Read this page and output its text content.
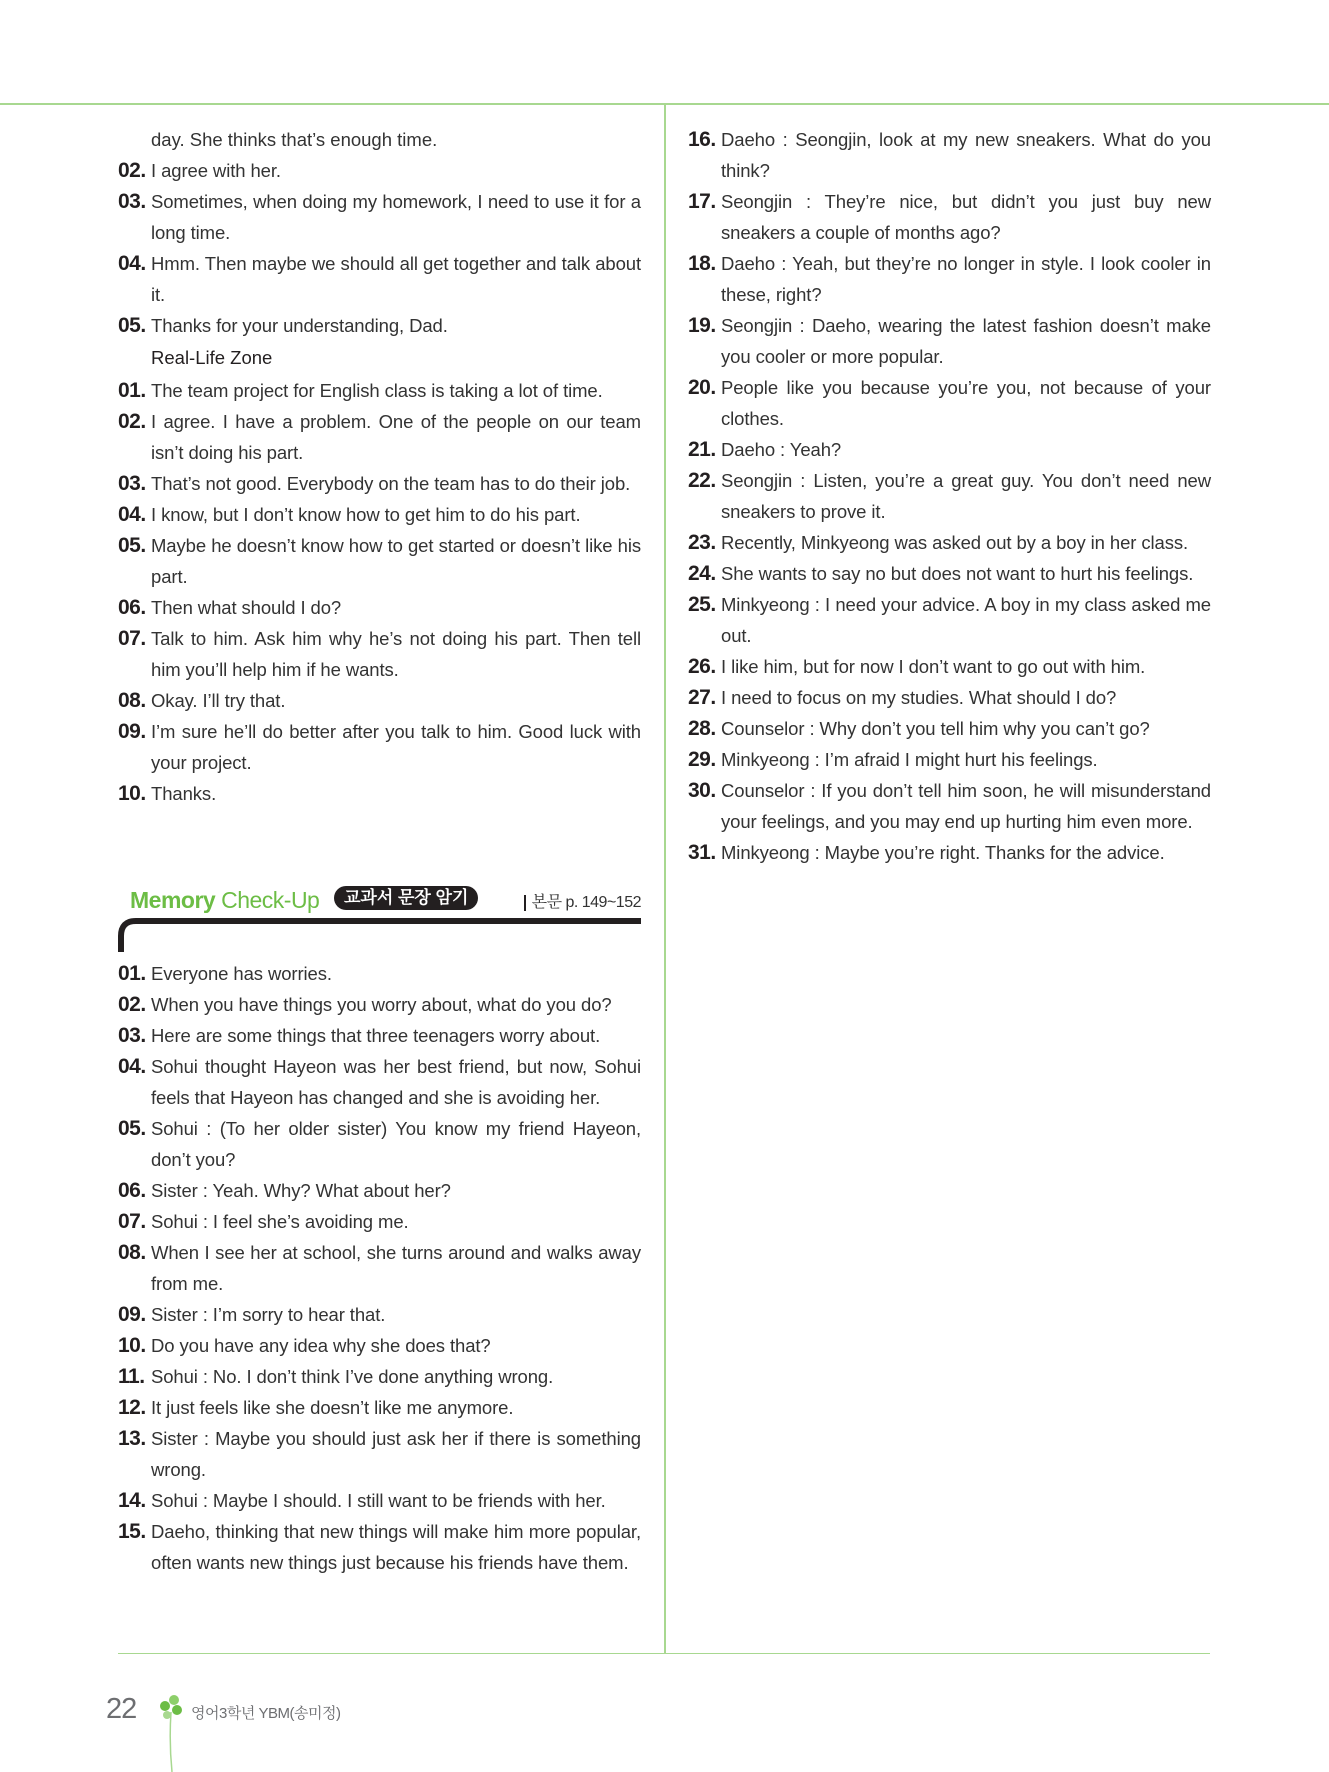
day. She thinks that’s enough time.
02. I agree with her.
03. Sometimes, when doing my homework, I need to use it for a long time.
04. Hmm. Then maybe we should all get together and talk about it.
05. Thanks for your understanding, Dad.
Real-Life Zone
01. The team project for English class is taking a lot of time.
02. I agree. I have a problem. One of the people on our team isn’t doing his part.
03. That’s not good. Everybody on the team has to do their job.
04. I know, but I don’t know how to get him to do his part.
05. Maybe he doesn’t know how to get started or doesn’t like his part.
06. Then what should I do?
07. Talk to him. Ask him why he’s not doing his part. Then tell him you’ll help him if he wants.
08. Okay. I’ll try that.
09. I’m sure he’ll do better after you talk to him. Good luck with your project.
10. Thanks.
Memory Check-Up	교과서 문장 암기	본문 p. 149~152
01. Everyone has worries.
02. When you have things you worry about, what do you do?
03. Here are some things that three teenagers worry about.
04. Sohui thought Hayeon was her best friend, but now, Sohui feels that Hayeon has changed and she is avoiding her.
05. Sohui : (To her older sister) You know my friend Hayeon, don’t you?
06. Sister : Yeah. Why? What about her?
07. Sohui : I feel she’s avoiding me.
08. When I see her at school, she turns around and walks away from me.
09. Sister : I’m sorry to hear that.
10. Do you have any idea why she does that?
11. Sohui : No. I don’t think I’ve done anything wrong.
12. It just feels like she doesn’t like me anymore.
13. Sister : Maybe you should just ask her if there is something wrong.
14. Sohui : Maybe I should. I still want to be friends with her.
15. Daeho, thinking that new things will make him more popular, often wants new things just because his friends have them.
16. Daeho : Seongjin, look at my new sneakers. What do you think?
17. Seongjin : They’re nice, but didn’t you just buy new sneakers a couple of months ago?
18. Daeho : Yeah, but they’re no longer in style. I look cooler in these, right?
19. Seongjin : Daeho, wearing the latest fashion doesn’t make you cooler or more popular.
20. People like you because you’re you, not because of your clothes.
21. Daeho : Yeah?
22. Seongjin : Listen, you’re a great guy. You don’t need new sneakers to prove it.
23. Recently, Minkyeong was asked out by a boy in her class.
24. She wants to say no but does not want to hurt his feelings.
25. Minkyeong : I need your advice. A boy in my class asked me out.
26. I like him, but for now I don’t want to go out with him.
27. I need to focus on my studies. What should I do?
28. Counselor : Why don’t you tell him why you can’t go?
29. Minkyeong : I’m afraid I might hurt his feelings.
30. Counselor : If you don’t tell him soon, he will misunderstand your feelings, and you may end up hurting him even more.
31. Minkyeong : Maybe you’re right. Thanks for the advice.
22	영어3학년 YBM(송미정)
